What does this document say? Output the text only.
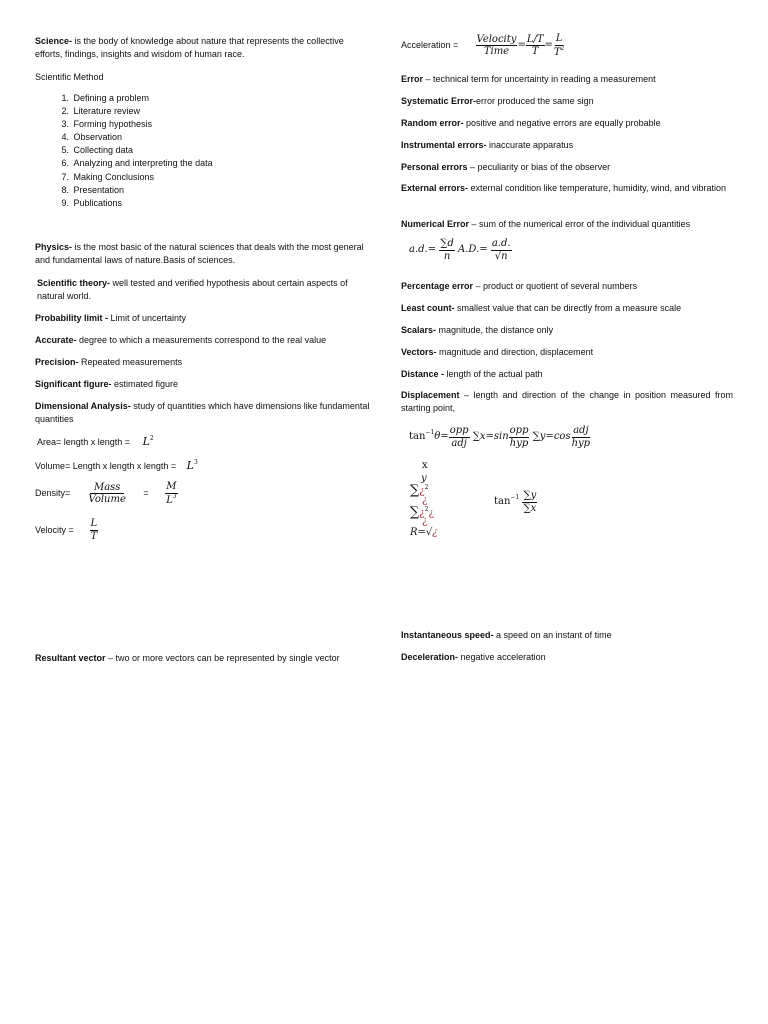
Science- is the body of knowledge about nature that represents the collective efforts, findings, insights and wisdom of human race.

Scientific Method

1. Defining a problem
2. Literature review
3. Forming hypothesis
4. Observation
5. Collecting data
6. Analyzing and interpreting the data
7. Making Conclusions
8. Presentation
9. Publications

Physics- is the most basic of the natural sciences that deals with the most general and fundamental laws of nature.Basis of sciences.

Scientific theory- well tested and verified hypothesis about certain aspects of natural world.

Probability limit - Limit of uncertainty

Accurate- degree to which a measurements correspond to the real value

Precision- Repeated measurements

Significant figure- estimated figure

Dimensional Analysis- study of quantities which have dimensions like fundamental quantities

Area= length x length = $L^2$
Volume= Length x length x length = $L^3$
Density= $\frac{\text{Mass}}{\text{Volume}} = \frac{M}{L^3}$
Velocity = $\frac{L}{T}$

Resultant vector – two or more vectors can be represented by single vector

Acceleration = $\frac{\text{Velocity}}{\text{Time}} = \frac{L/T}{T} = \frac{L}{T^2}$

Error – technical term for uncertainty in reading a measurement

Systematic Error-error produced the same sign

Random error- positive and negative errors are equally probable

Instrumental errors- inaccurate apparatus

Personal errors – peculiarity or bias of the observer

External errors- external condition like temperature, humidity, wind, and vibration

Numerical Error – sum of the numerical error of the individual quantities

$a.d.= \frac{\sum d}{n} A.D.= \frac{a.d.}{√n}$

Percentage error – product or quotient of several numbers

Least count- smallest value that can be directly from a measure scale

Scalars- magnitude, the distance only

Vectors- magnitude and direction, displacement

Distance - length of the actual path

Displacement – length and direction of the change in position measured from starting point,

$\tan^{-1}\theta= \frac{\text{opp}}{\text{adj}} \sum x=\sin \frac{\text{opp}}{\text{hyp}} \sum y=\cos \frac{\text{adj}}{\text{hyp}}$
x
y
∑¿$^2$
¿
∑¿$^2$¿
¿
R=√¿
$\tan^{-1} \frac{\sum y}{\sum x}$

Instantaneous speed- a speed on an instant of time

Deceleration- negative acceleration
